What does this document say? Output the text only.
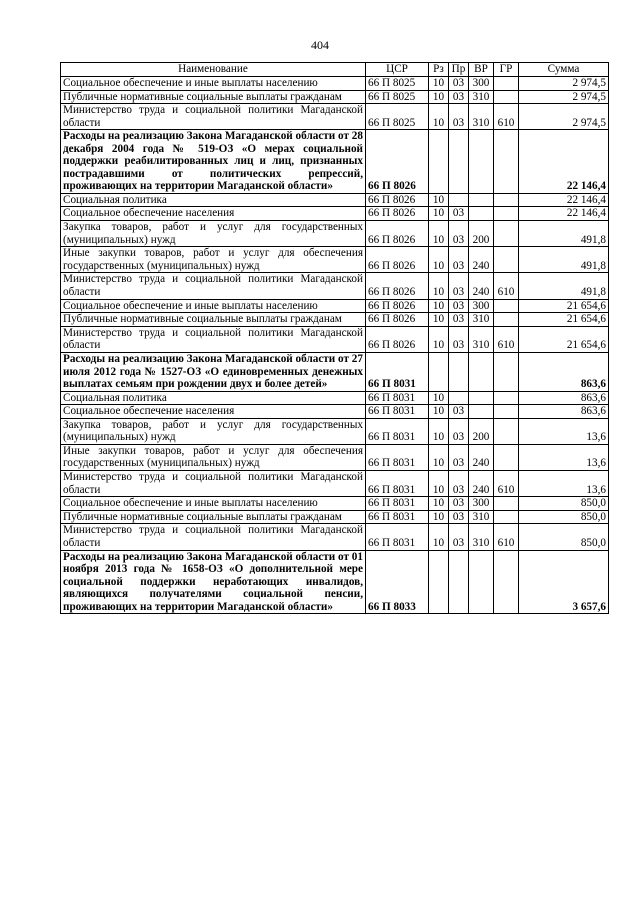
404
Наименование	ЦСР	Рз	Пр	ВР	ГР	Сумма
Социальное обеспечение и иные выплаты населению	66 П 8025	10	03	300		2 974,5
Публичные нормативные социальные выплаты гражданам	66 П 8025	10	03	310		2 974,5
Министерство труда и социальной политики Магаданской области	66 П 8025	10	03	310	610	2 974,5
Расходы на реализацию Закона Магаданской области от 28 декабря 2004 года № 519-ОЗ «О мерах социальной поддержки реабилитированных лиц и лиц, признанных пострадавшими от политических репрессий, проживающих на территории Магаданской области»	66 П 8026					22 146,4
Социальная политика	66 П 8026	10				22 146,4
Социальное обеспечение населения	66 П 8026	10	03			22 146,4
Закупка товаров, работ и услуг для государственных (муниципальных) нужд	66 П 8026	10	03	200		491,8
Иные закупки товаров, работ и услуг для обеспечения государственных (муниципальных) нужд	66 П 8026	10	03	240		491,8
Министерство труда и социальной политики Магаданской области	66 П 8026	10	03	240	610	491,8
Социальное обеспечение и иные выплаты населению	66 П 8026	10	03	300		21 654,6
Публичные нормативные социальные выплаты гражданам	66 П 8026	10	03	310		21 654,6
Министерство труда и социальной политики Магаданской области	66 П 8026	10	03	310	610	21 654,6
Расходы на реализацию Закона Магаданской области от 27 июля 2012 года № 1527-ОЗ «О единовременных денежных выплатах семьям при рождении двух и более детей»	66 П 8031					863,6
Социальная политика	66 П 8031	10				863,6
Социальное обеспечение населения	66 П 8031	10	03			863,6
Закупка товаров, работ и услуг для государственных (муниципальных) нужд	66 П 8031	10	03	200		13,6
Иные закупки товаров, работ и услуг для обеспечения государственных (муниципальных) нужд	66 П 8031	10	03	240		13,6
Министерство труда и социальной политики Магаданской области	66 П 8031	10	03	240	610	13,6
Социальное обеспечение и иные выплаты населению	66 П 8031	10	03	300		850,0
Публичные нормативные социальные выплаты гражданам	66 П 8031	10	03	310		850,0
Министерство труда и социальной политики Магаданской области	66 П 8031	10	03	310	610	850,0
Расходы на реализацию Закона Магаданской области от 01 ноября 2013 года № 1658-ОЗ «О дополнительной мере социальной поддержки неработающих инвалидов, являющихся получателями социальной пенсии, проживающих на территории Магаданской области»	66 П 8033					3 657,6
